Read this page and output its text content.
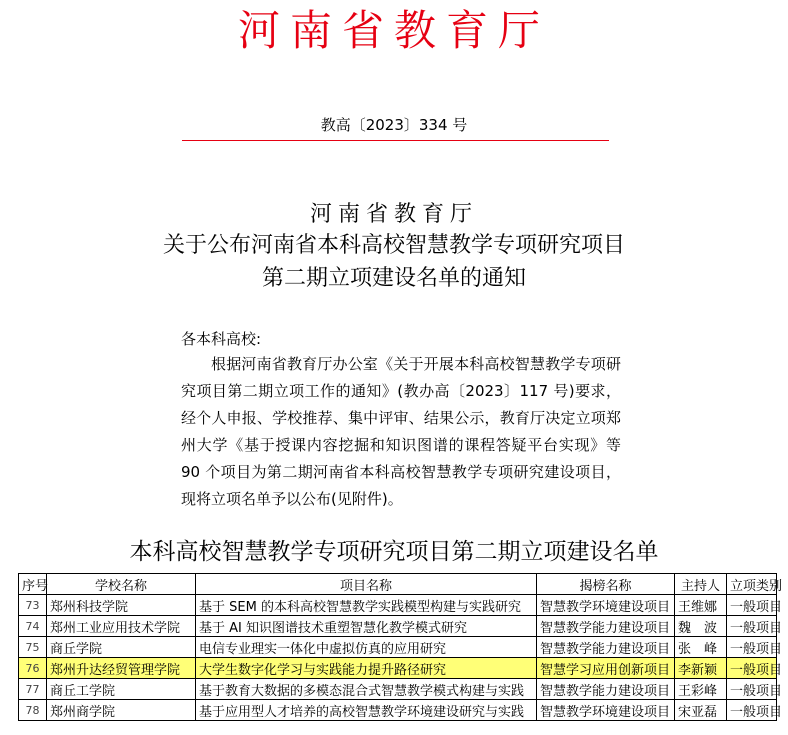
河南省教育厅
教高〔2023〕334 号
河南省教育厅
关于公布河南省本科高校智慧教学专项研究项目
第二期立项建设名单的通知
各本科高校:
根据河南省教育厅办公室《关于开展本科高校智慧教学专项研究项目第二期立项工作的通知》(教办高〔2023〕117 号)要求，经个人申报、学校推荐、集中评审、结果公示，教育厅决定立项郑州大学《基于授课内容挖掘和知识图谱的课程答疑平台实现》等 90 个项目为第二期河南省本科高校智慧教学专项研究建设项目，现将立项名单予以公布(见附件)。
本科高校智慧教学专项研究项目第二期立项建设名单
序号	学校名称	项目名称	揭榜名称	主持人	立项类别
73	郑州科技学院	基于 SEM 的本科高校智慧教学实践模型构建与实践研究	智慧教学环境建设项目	王维娜	一般项目
74	郑州工业应用技术学院	基于 AI 知识图谱技术重塑智慧化教学模式研究	智慧教学能力建设项目	魏　波	一般项目
75	商丘学院	电信专业理实一体化中虚拟仿真的应用研究	智慧教学能力建设项目	张　峰	一般项目
76	郑州升达经贸管理学院	大学生数字化学习与实践能力提升路径研究	智慧学习应用创新项目	李新颖	一般项目
77	商丘工学院	基于教育大数据的多模态混合式智慧教学模式构建与实践	智慧教学能力建设项目	王彩峰	一般项目
78	郑州商学院	基于应用型人才培养的高校智慧教学环境建设研究与实践	智慧教学环境建设项目	宋亚磊	一般项目
